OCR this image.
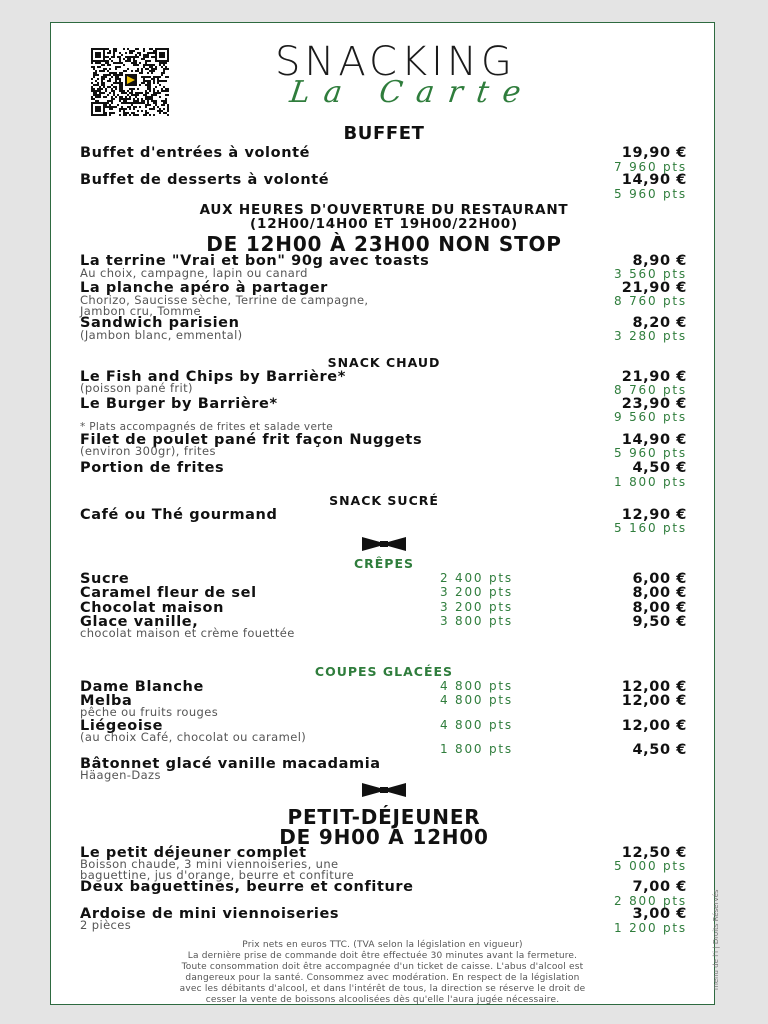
SNACKING
La Carte
BUFFET
Buffet d'entrées à volonté	19,90 €
7 960 pts
Buffet de desserts à volonté	14,90 €
5 960 pts
AUX HEURES D'OUVERTURE DU RESTAURANT
(12H00/14H00 ET 19H00/22H00)
DE 12H00 À 23H00 NON STOP
La terrine "Vrai et bon" 90g avec toasts	8,90 €
Au choix, campagne, lapin ou canard	3 560 pts
La planche apéro à partager	21,90 €
Chorizo, Saucisse sèche, Terrine de campagne,	8 760 pts
Jambon cru, Tomme
Sandwich parisien	8,20 €
(Jambon blanc, emmental)	3 280 pts
SNACK CHAUD
Le Fish and Chips by Barrière*	21,90 €
(poisson pané frit)	8 760 pts
Le Burger by Barrière*	23,90 €
9 560 pts
* Plats accompagnés de frites et salade verte
Filet de poulet pané frit façon Nuggets	14,90 €
(environ 300gr), frites	5 960 pts
Portion de frites	4,50 €
1 800 pts
SNACK SUCRÉ
Café ou Thé gourmand	12,90 €
5 160 pts
CRÊPES
Sucre	2 400 pts	6,00 €
Caramel fleur de sel	3 200 pts	8,00 €
Chocolat maison	3 200 pts	8,00 €
Glace vanille,	3 800 pts	9,50 €
chocolat maison et crème fouettée
COUPES GLACÉES
Dame Blanche	4 800 pts	12,00 €
Melba	4 800 pts	12,00 €
pêche ou fruits rouges
Liégeoise	4 800 pts	12,00 €
(au choix Café, chocolat ou caramel)
1 800 pts	4,50 €
Bâtonnet glacé vanille macadamia
Häagen-Dazs
PETIT-DÉJEUNER
DE 9H00 À 12H00
Le petit déjeuner complet	12,50 €
Boisson chaude, 3 mini viennoiseries, une	5 000 pts
baguettine, jus d'orange, beurre et confiture
Deux baguettines, beurre et confiture	7,00 €
2 800 pts
Ardoise de mini viennoiseries	3,00 €
2 pièces	1 200 pts
Prix nets en euros TTC. (TVA selon la législation en vigueur)
La dernière prise de commande doit être effectuée 30 minutes avant la fermeture.
Toute consommation doit être accompagnée d'un ticket de caisse. L'abus d'alcool est
dangereux pour la santé. Consommez avec modération. En respect de la législation
avec les débitants d'alcool, et dans l'intérêt de tous, la direction se réserve le droit de
cesser la vente de boissons alcoolisées dès qu'elle l'aura jugée nécessaire.
menu de l'i | Droits Réservés
